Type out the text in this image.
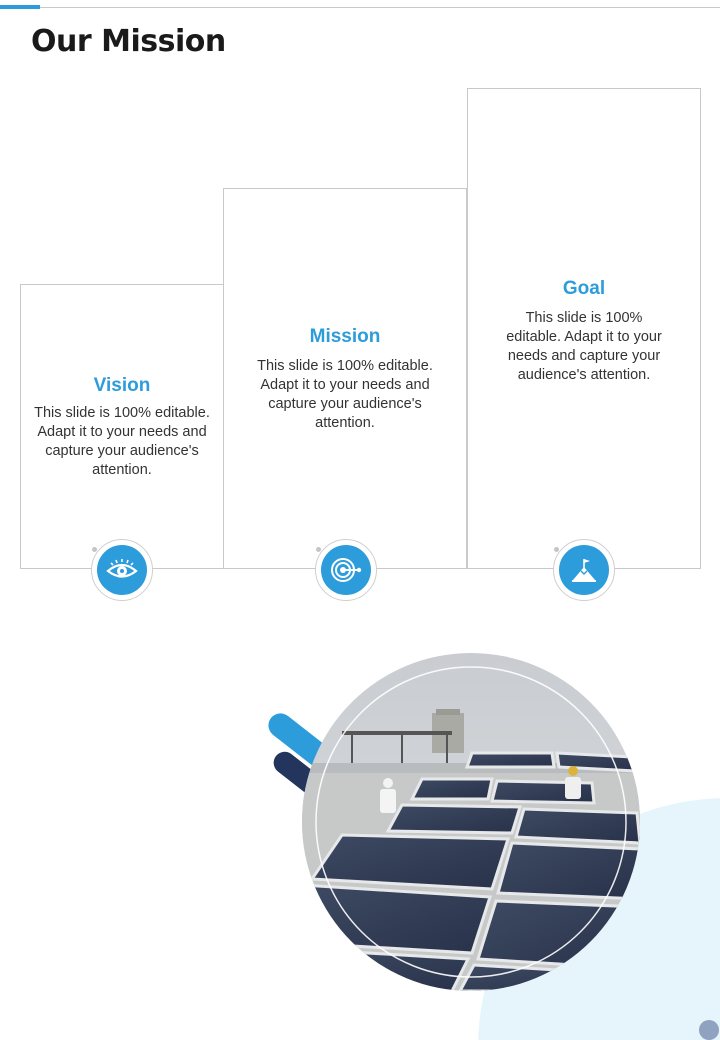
Our Mission
Vision
This slide is 100% editable. Adapt it to your needs and capture your audience's attention.
Mission
This slide is 100% editable. Adapt it to your needs and capture your audience's attention.
Goal
This slide is 100% editable. Adapt it to your needs and capture your audience's attention.
